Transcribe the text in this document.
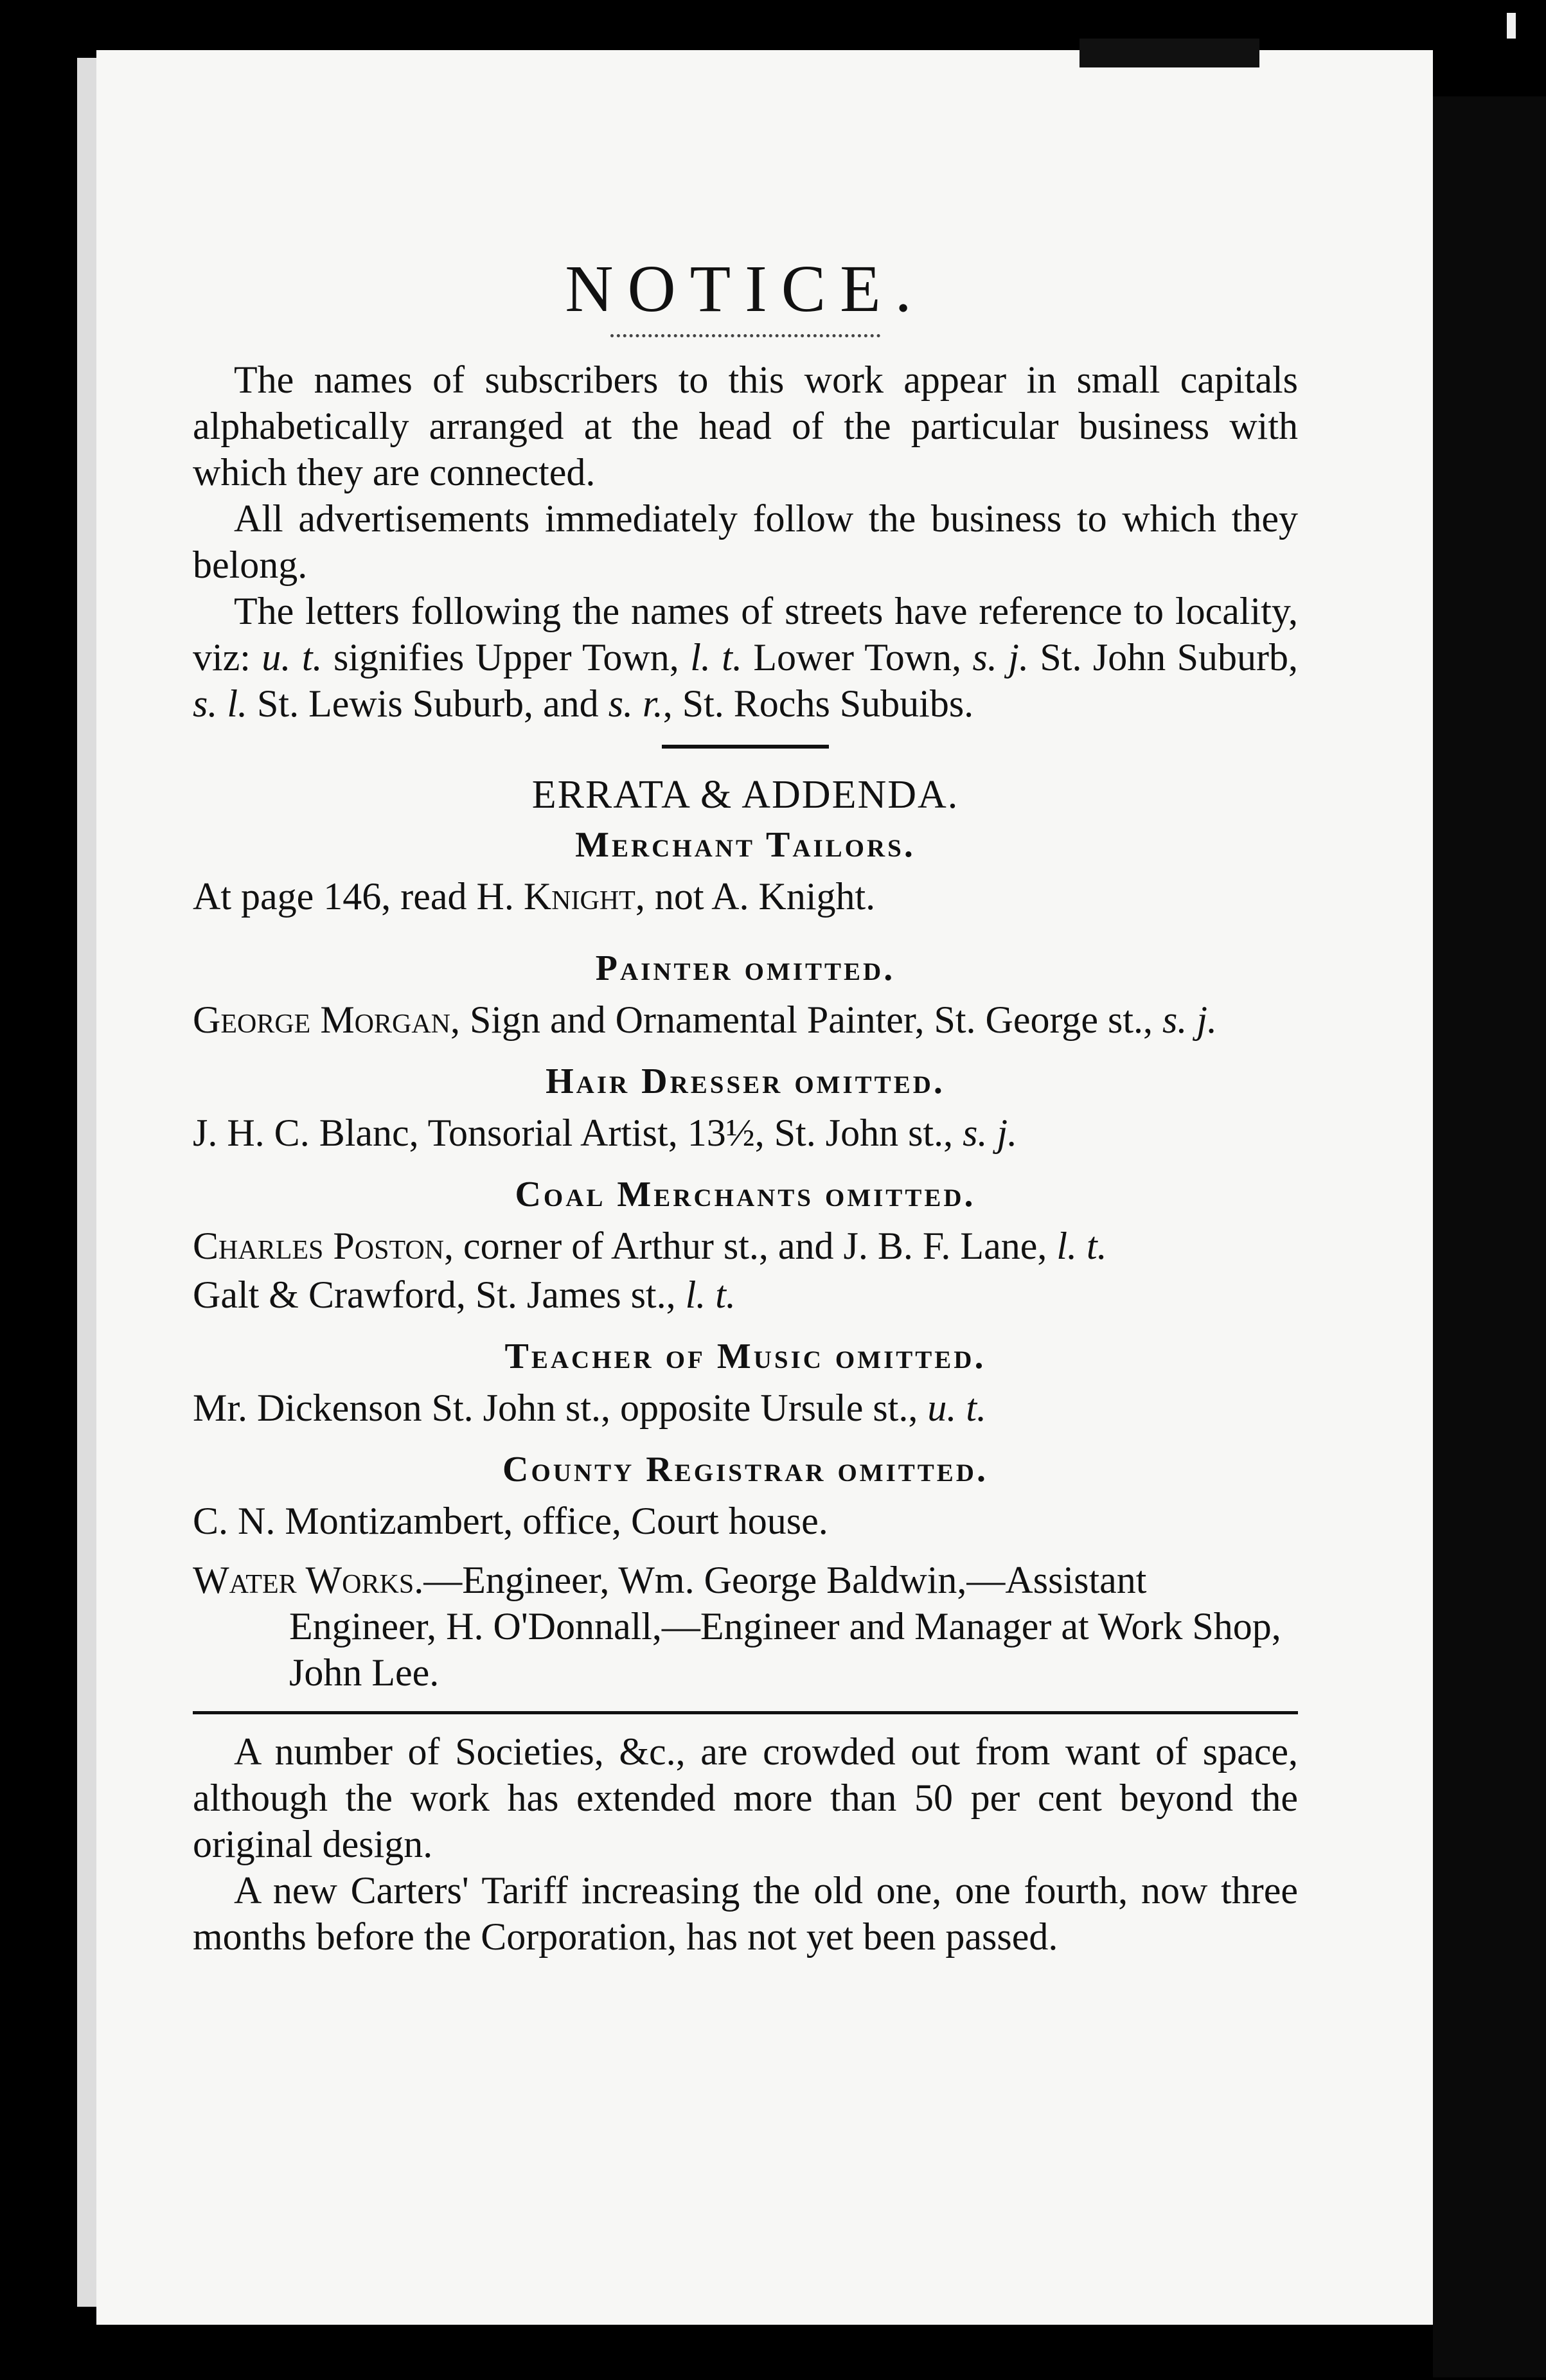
NOTICE.

The names of subscribers to this work appear in small capitals alphabetically arranged at the head of the particular business with which they are connected.

All advertisements immediately follow the business to which they belong.

The letters following the names of streets have reference to locality, viz: u. t. signifies Upper Town, l. t. Lower Town, s. j. St. John Suburb, s. l. St. Lewis Suburb, and s. r., St. Rochs Subuibs.

ERRATA & ADDENDA.
Merchant Tailors.

At page 146, read H. Knight, not A. Knight.

Painter omitted.

George Morgan, Sign and Ornamental Painter, St. George st., s. j.

Hair Dresser omitted.

J. H. C. Blanc, Tonsorial Artist, 13½, St. John st., s. j.

Coal Merchants omitted.

Charles Poston, corner of Arthur st., and J. B. F. Lane, l. t.

Galt & Crawford, St. James st., l. t.

Teacher of Music omitted.

Mr. Dickenson St. John st., opposite Ursule st., u. t.

County Registrar omitted.

C. N. Montizambert, office, Court house.

Water Works.—Engineer, Wm. George Baldwin,—Assistant Engineer, H. O'Donnall,—Engineer and Manager at Work Shop, John Lee.

A number of Societies, &c., are crowded out from want of space, although the work has extended more than 50 per cent beyond the original design.

A new Carters' Tariff increasing the old one, one fourth, now three months before the Corporation, has not yet been passed.
